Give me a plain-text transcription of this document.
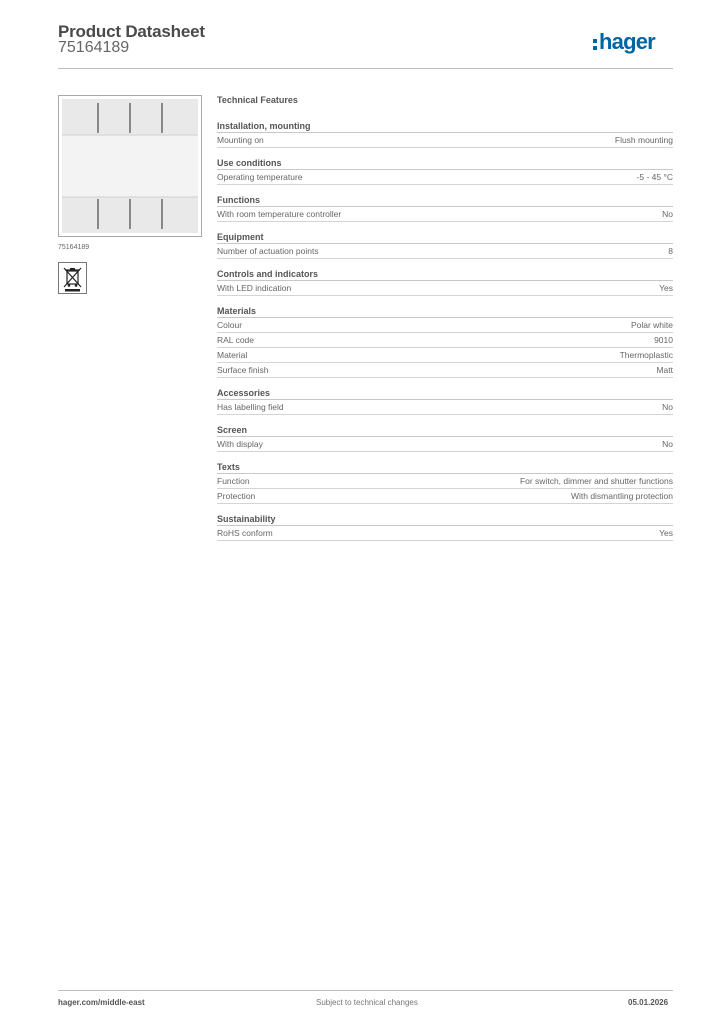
Product Datasheet
75164189	hager
75164189
Technical Features
Installation, mounting
Mounting on	Flush mounting
Use conditions
Operating temperature	-5 - 45 °C
Functions
With room temperature controller	No
Equipment
Number of actuation points	8
Controls and indicators
With LED indication	Yes
Materials
Colour	Polar white
RAL code	9010
Material	Thermoplastic
Surface finish	Matt
Accessories
Has labelling field	No
Screen
With display	No
Texts
Function	For switch, dimmer and shutter functions
Protection	With dismantling protection
Sustainability
RoHS conform	Yes
hager.com/middle-east	Subject to technical changes	05.01.2026
